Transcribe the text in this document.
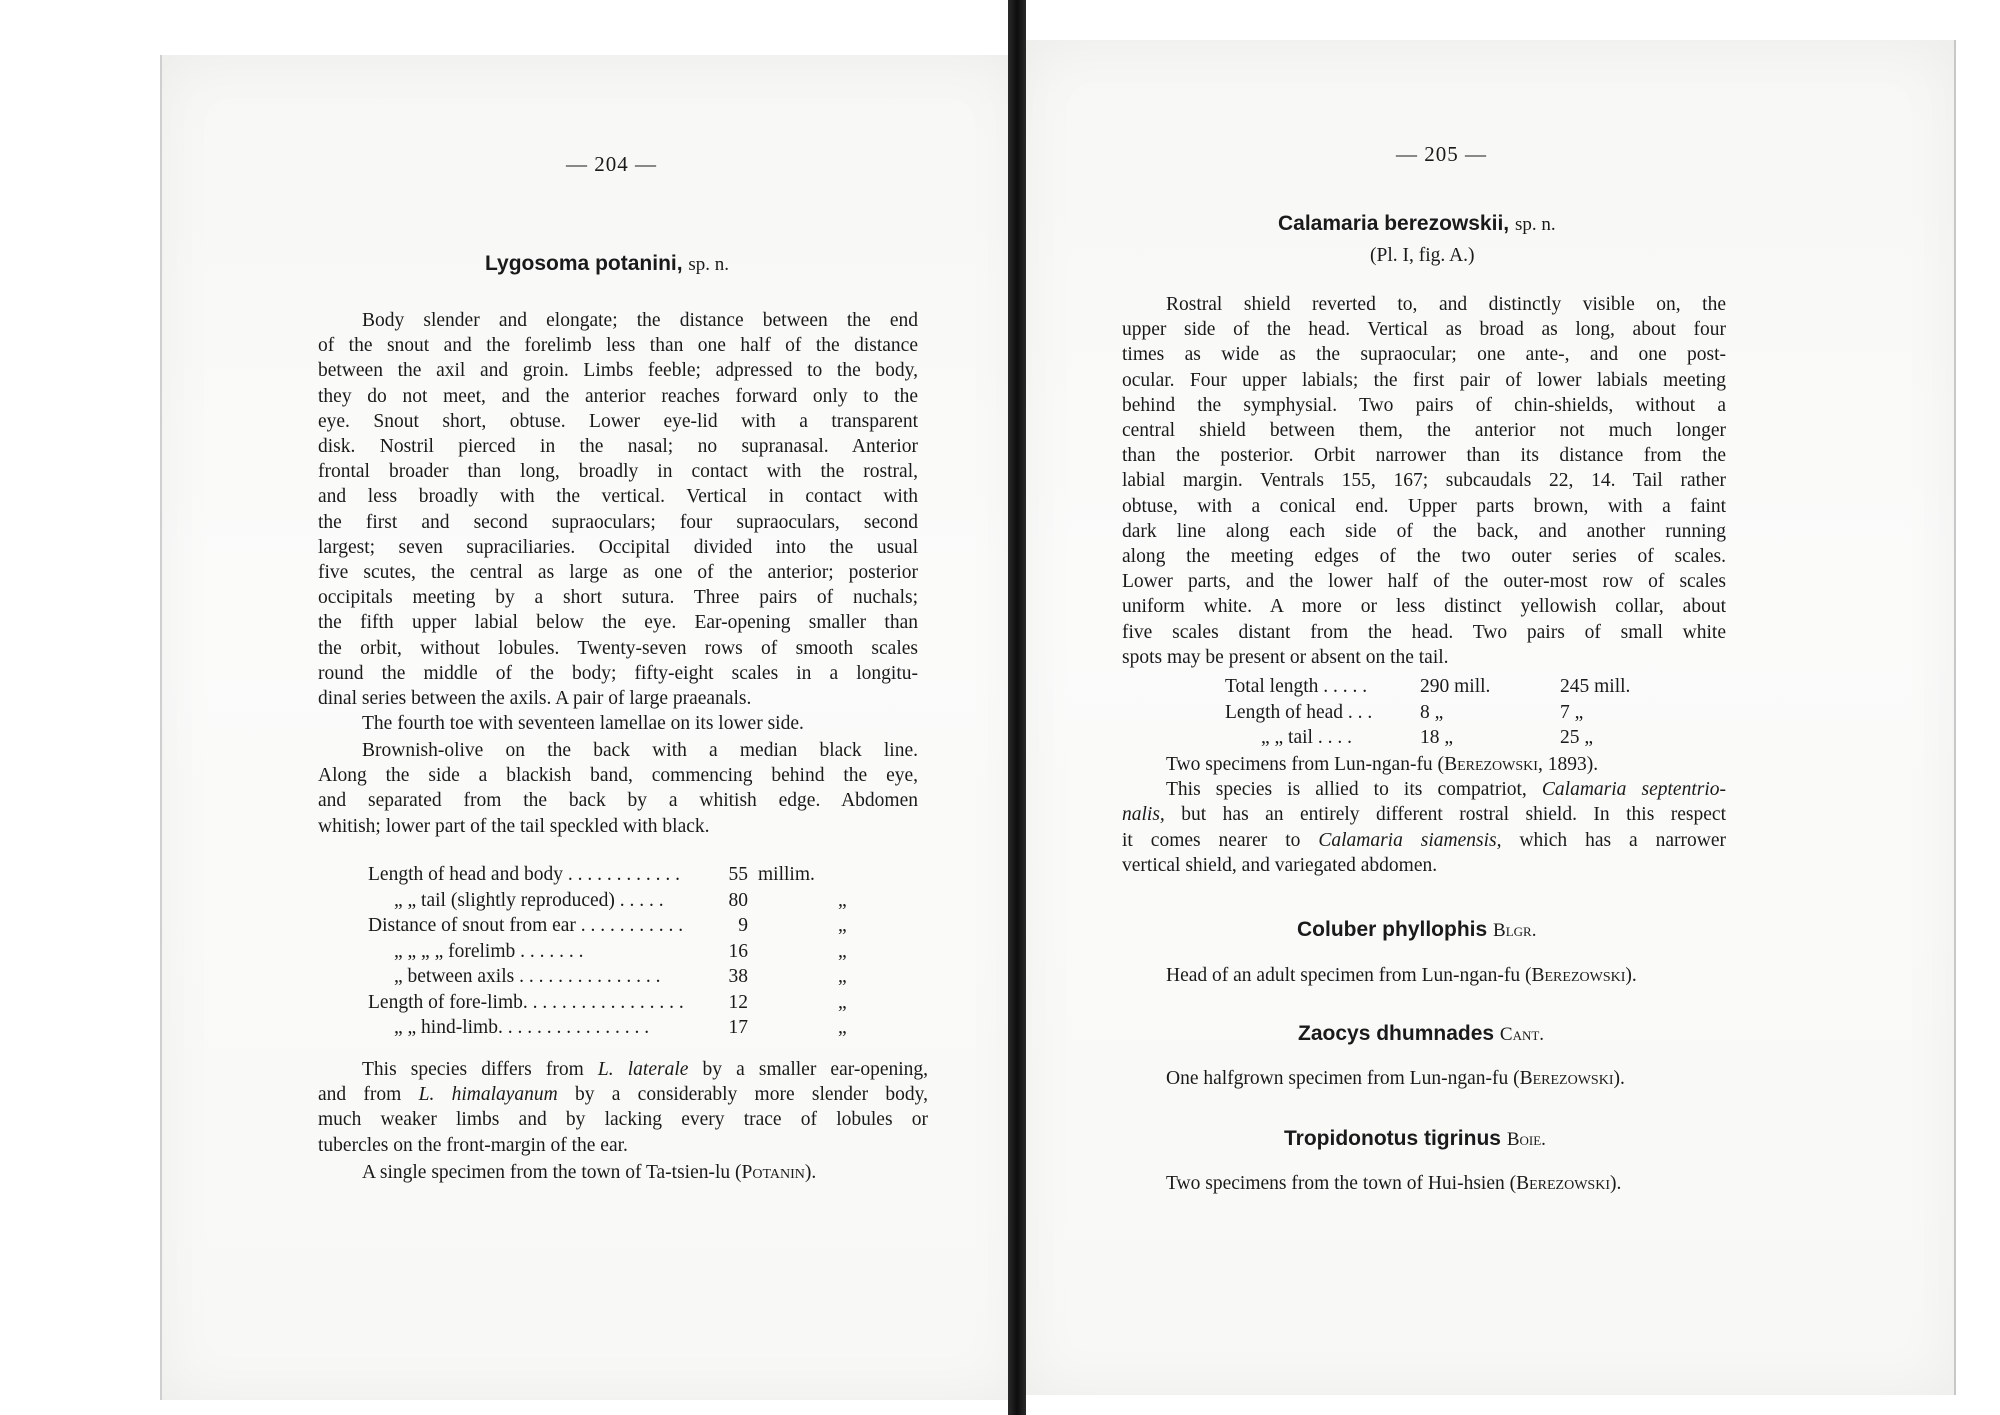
— 204 —
Lygosoma potanini, sp. n.
Body slender and elongate; the distance between the end
of the snout and the forelimb less than one half of the distance
between the axil and groin. Limbs feeble; adpressed to the body,
they do not meet, and the anterior reaches forward only to the
eye. Snout short, obtuse. Lower eye-lid with a transparent
disk. Nostril pierced in the nasal; no supranasal. Anterior
frontal broader than long, broadly in contact with the rostral,
and less broadly with the vertical. Vertical in contact with
the first and second supraoculars; four supraoculars, second
largest; seven supraciliaries. Occipital divided into the usual
five scutes, the central as large as one of the anterior; posterior
occipitals meeting by a short sutura. Three pairs of nuchals;
the fifth upper labial below the eye. Ear-opening smaller than
the orbit, without lobules. Twenty-seven rows of smooth scales
round the middle of the body; fifty-eight scales in a longitu-
dinal series between the axils. A pair of large praeanals.

The fourth toe with seventeen lamellae on its lower side.

Brownish-olive on the back with a median black line.
Along the side a blackish band, commencing behind the eye,
and separated from the back by a whitish edge. Abdomen
whitish; lower part of the tail speckled with black.
Length of head and body . . . . . . . . . . . .	55 millim.
„ „ tail (slightly reproduced) . . . . .	80	„
Distance of snout from ear . . . . . . . . . . .	9	„
„ „ „ „ forelimb . . . . . . .	16	„
„ between axils . . . . . . . . . . . . . . .	38	„
Length of fore-limb. . . . . . . . . . . . . . . . .	12	„
„ „ hind-limb. . . . . . . . . . . . . . . .	17	„

This species differs from L. laterale by a smaller ear-opening,

and from L. himalayanum by a considerably more slender body,
much weaker limbs and by lacking every trace of lobules or
tubercles on the front-margin of the ear.

A single specimen from the town of Ta-tsien-lu (Potanin).

— 205 —
Calamaria berezowskii, sp. n.
(Pl. I, fig. A.)
Rostral shield reverted to, and distinctly visible on, the
upper side of the head. Vertical as broad as long, about four
times as wide as the supraocular; one ante-, and one post-
ocular. Four upper labials; the first pair of lower labials meeting
behind the symphysial. Two pairs of chin-shields, without a
central shield between them, the anterior not much longer
than the posterior. Orbit narrower than its distance from the
labial margin. Ventrals 155, 167; subcaudals 22, 14. Tail rather
obtuse, with a conical end. Upper parts brown, with a faint
dark line along each side of the back, and another running
along the meeting edges of the two outer series of scales.
Lower parts, and the lower half of the outer-most row of scales
uniform white. A more or less distinct yellowish collar, about
five scales distant from the head. Two pairs of small white
spots may be present or absent on the tail.
Total length . . . . .	290 mill.	245 mill.
Length of head . . . 8 „	7 „
„ „ tail . . . .	18 „	25 „

Two specimens from Lun-ngan-fu (Berezowski, 1893).

This species is allied to its compatriot, Calamaria septentrio-

nalis, but has an entirely different rostral shield. In this respect
it comes nearer to Calamaria siamensis, which has a narrower
vertical shield, and variegated abdomen.
Coluber phyllophis Blgr.
Head of an adult specimen from Lun-ngan-fu (Berezowski).
Zaocys dhumnades Cant.
One halfgrown specimen from Lun-ngan-fu (Berezowski).
Tropidonotus tigrinus Boie.
Two specimens from the town of Hui-hsien (Berezowski).
